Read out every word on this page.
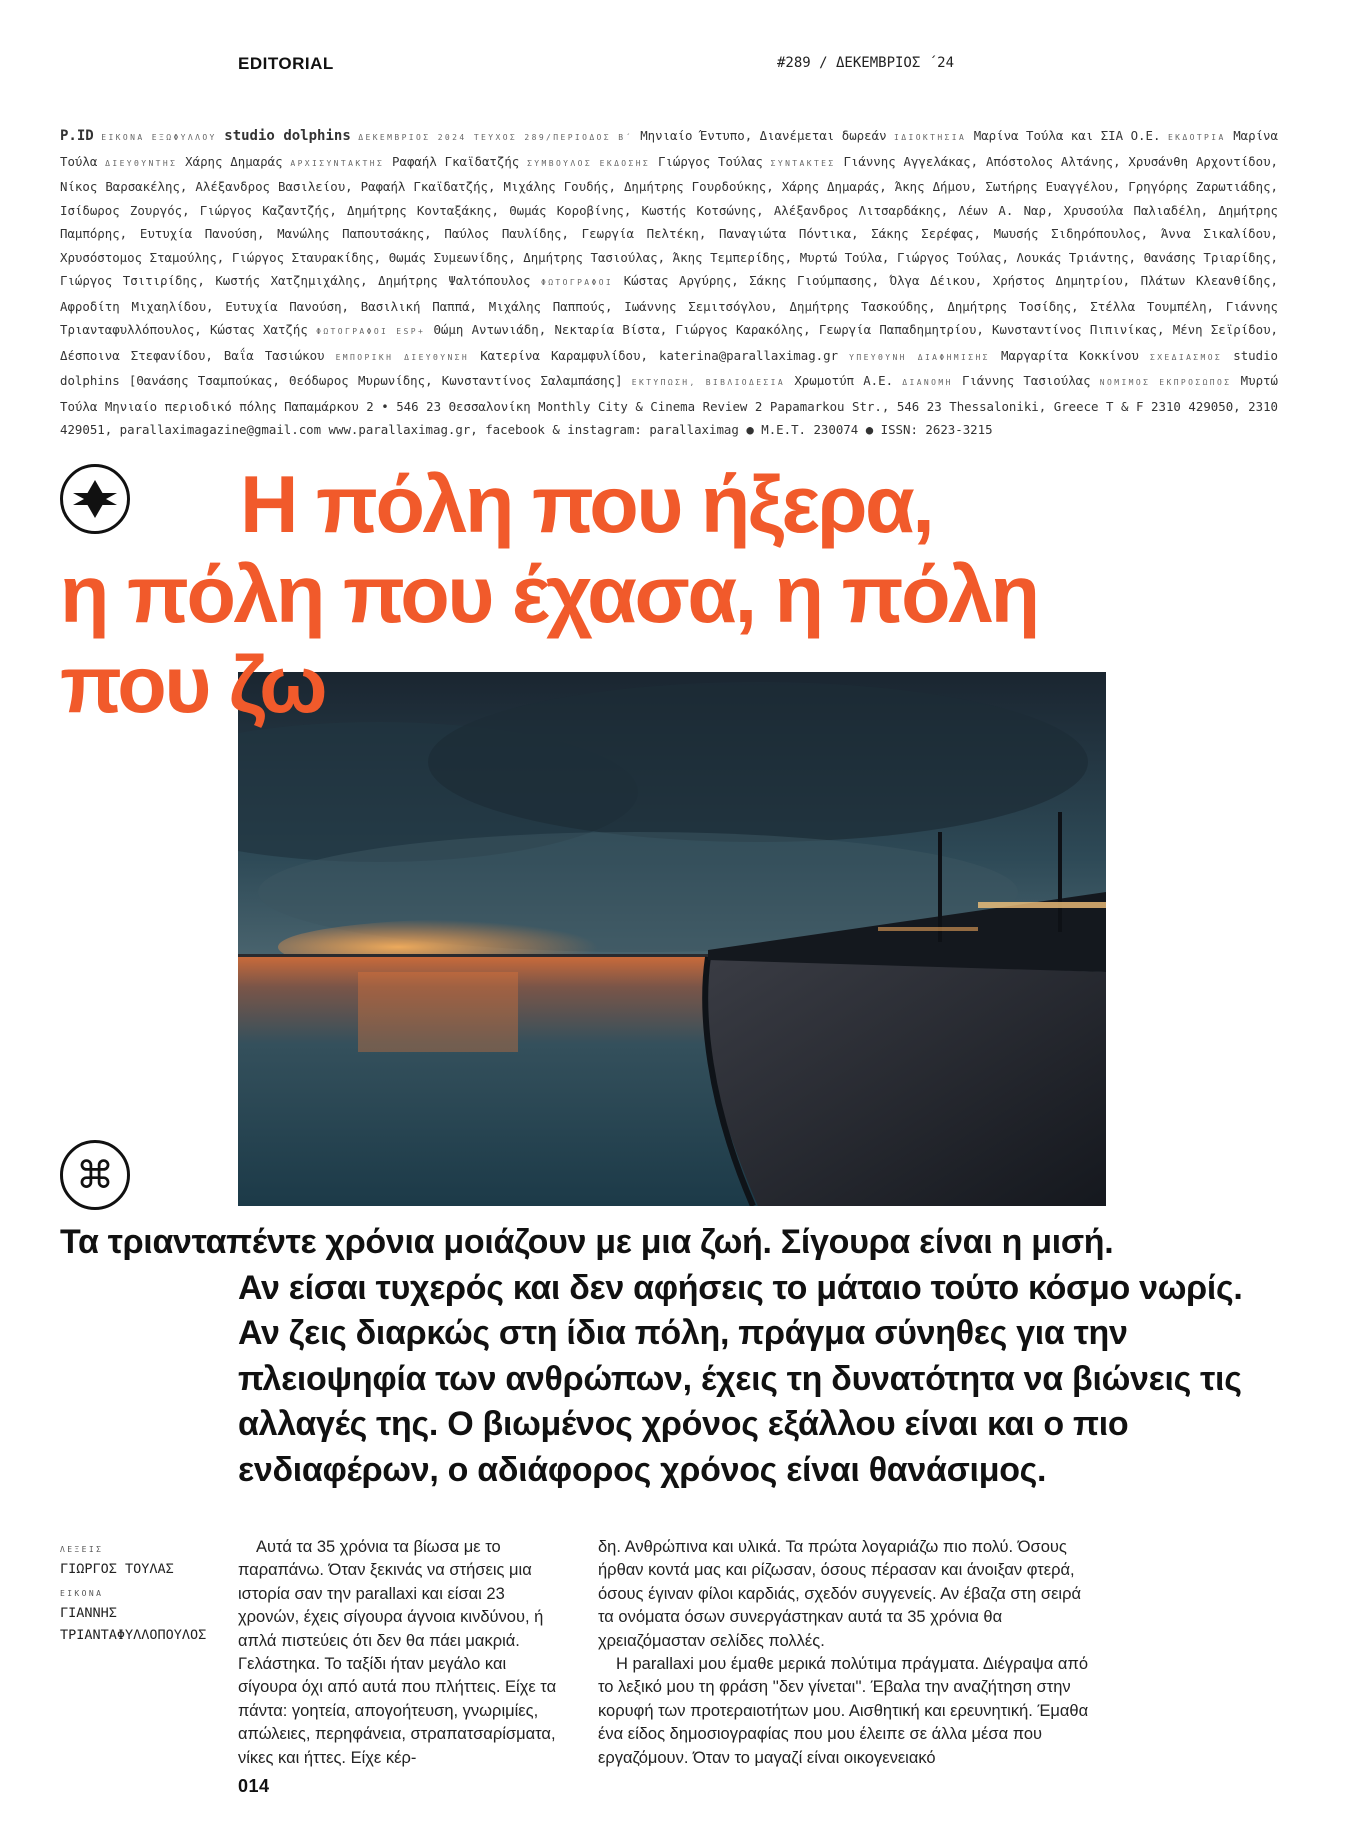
EDITORIAL	#289 / ΔΕΚΕΜΒΡΙΟΣ ΄24

P.ID ΕΙΚΟΝΑ ΕΞΩΦΥΛΛΟΥ studio dolphins ΔΕΚΕΜΒΡΙΟΣ 2024 ΤΕΥΧΟΣ 289/ΠΕΡΙΟΔΟΣ Β΄ Μηνιαίο Έντυπο, Διανέμεται δωρεάν ΙΔΙΟΚΤΗΣΙΑ Μαρίνα Τούλα και ΣΙΑ Ο.Ε. ΕΚΔΟΤΡΙΑ Μαρίνα Τούλα ΔΙΕΥΘΥΝΤΗΣ Χάρης Δημαράς ΑΡΧΙΣΥΝΤΑΚΤΗΣ Ραφαήλ Γκαϊδατζής ΣΥΜΒΟΥΛΟΣ ΕΚΔΟΣΗΣ Γιώργος Τούλας ΣΥΝΤΑΚΤΕΣ Γιάννης Αγγελάκας, Απόστολος Αλτάνης, Χρυσάνθη Αρχοντίδου, Νίκος Βαρσακέλης, Αλέξανδρος Βασιλείου, Ραφαήλ Γκαϊδατζής, Μιχάλης Γουδής, Δημήτρης Γουρδούκης, Χάρης Δημαράς, Άκης Δήμου, Σωτήρης Ευαγγέλου, Γρηγόρης Ζαρωτιάδης, Ισίδωρος Ζουργός, Γιώργος Καζαντζής, Δημήτρης Κονταξάκης, Θωμάς Κοροβίνης, Κωστής Κοτσώνης, Αλέξανδρος Λιτσαρδάκης, Λέων Α. Ναρ, Χρυσούλα Παλιαδέλη, Δημήτρης Παμπόρης, Ευτυχία Πανούση, Μανώλης Παπουτσάκης, Παύλος Παυλίδης, Γεωργία Πελτέκη, Παναγιώτα Πόντικα, Σάκης Σερέφας, Μωυσής Σιδηρόπουλος, Άννα Σικαλίδου, Χρυσόστομος Σταμούλης, Γιώργος Σταυρακίδης, Θωμάς Συμεωνίδης, Δημήτρης Τασιούλας, Άκης Τεμπερίδης, Μυρτώ Τούλα, Γιώργος Τούλας, Λουκάς Τριάντης, Θανάσης Τριαρίδης, Γιώργος Τσιτιρίδης, Κωστής Χατζημιχάλης, Δημήτρης Ψαλτόπουλος ΦΩΤΟΓΡΑΦΟΙ Κώστας Αργύρης, Σάκης Γιούμπασης, Όλγα Δέικου, Χρήστος Δημητρίου, Πλάτων Κλεανθίδης, Αφροδίτη Μιχαηλίδου, Ευτυχία Πανούση, Βασιλική Παππά, Μιχάλης Παππούς, Ιωάννης Σεμιτσόγλου, Δημήτρης Τασκούδης, Δημήτρης Τοσίδης, Στέλλα Τουμπέλη, Γιάννης Τριανταφυλλόπουλος, Κώστας Χατζής ΦΩΤΟΓΡΑΦΟΙ ESP+ Θώμη Αντωνιάδη, Νεκταρία Βίστα, Γιώργος Καρακόλης, Γεωργία Παπαδημητρίου, Κωνσταντίνος Πιπινίκας, Μένη Σεϊρίδου, Δέσποινα Στεφανίδου, Βαΐα Τασιώκου ΕΜΠΟΡΙΚΗ ΔΙΕΥΘΥΝΣΗ Κατερίνα Καραμφυλίδου, katerina@parallaximag.gr ΥΠΕΥΘΥΝΗ ΔΙΑΦΗΜΙΣΗΣ Μαργαρίτα Κοκκίνου ΣΧΕΔΙΑΣΜΟΣ studio dolphins [Θανάσης Τσαμπούκας, Θεόδωρος Μυρωνίδης, Κωνσταντίνος Σαλαμπάσης] ΕΚΤΥΠΩΣΗ, ΒΙΒΛΙΟΔΕΣΙΑ Χρωμοτύπ Α.Ε. ΔΙΑΝΟΜΗ Γιάννης Τασιούλας ΝΟΜΙΜΟΣ ΕΚΠΡΟΣΩΠΟΣ Μυρτώ Τούλα Μηνιαίο περιοδικό πόλης Παπαμάρκου 2 • 546 23 Θεσσαλονίκη Monthly City & Cinema Review 2 Papamarkou Str., 546 23 Thessaloniki, Greece T & F 2310 429050, 2310 429051, parallaximagazine@gmail.com www.parallaximag.gr, facebook & instagram: parallaximag ● Μ.Ε.Τ. 230074 ● ISSN: 2623-3215

Η πόλη που ήξερα,
η πόλη που έχασα, η πόλη
που ζω
⌘

Τα τριανταπέντε χρόνια μοιάζουν με μια ζωή. Σίγουρα είναι η μισή.
Αν είσαι τυχερός και δεν αφήσεις το μάταιο τούτο κόσμο νωρίς. Αν ζεις διαρκώς στη ίδια πόλη, πράγμα σύνηθες για την πλειοψηφία των ανθρώπων, έχεις τη δυνατότητα να βιώνεις τις αλλαγές της. Ο βιωμένος χρόνος εξάλλου είναι και ο πιο ενδιαφέρων, ο αδιάφορος χρόνος είναι θανάσιμος.

ΛΕΞΕΙΣ
ΓΙΩΡΓΟΣ ΤΟΥΛΑΣ
ΕΙΚΟΝΑ
ΓΙΑΝΝΗΣ ΤΡΙΑΝΤΑΦΥΛΛΟΠΟΥΛΟΣ

Αυτά τα 35 χρόνια τα βίωσα με το παραπάνω. Όταν ξεκινάς να στήσεις μια ιστορία σαν την parallaxi και είσαι 23 χρονών, έχεις σίγουρα άγνοια κινδύνου, ή απλά πιστεύεις ότι δεν θα πάει μακριά. Γελάστηκα. Το ταξίδι ήταν μεγάλο και σίγουρα όχι από αυτά που πλήττεις. Είχε τα πάντα: γοητεία, απογοήτευση, γνωριμίες, απώλειες, περηφάνεια, στραπατσαρίσματα, νίκες και ήττες. Είχε κέρ-

δη. Ανθρώπινα και υλικά. Τα πρώτα λογαριάζω πιο πολύ. Όσους ήρθαν κοντά μας και ρίζωσαν, όσους πέρασαν και άνοιξαν φτερά, όσους έγιναν φίλοι καρδιάς, σχεδόν συγγενείς. Αν έβαζα στη σειρά τα ονόματα όσων συνεργάστηκαν αυτά τα 35 χρόνια θα χρειαζόμασταν σελίδες πολλές.

Η parallaxi μου έμαθε μερικά πολύτιμα πράγματα. Διέγραψα από το λεξικό μου τη φράση ''δεν γίνεται''. Έβαλα την αναζήτηση στην κορυφή των προτεραιοτήτων μου. Αισθητική και ερευνητική. Έμαθα ένα είδος δημοσιογραφίας που μου έλειπε σε άλλα μέσα που εργαζόμουν. Όταν το μαγαζί είναι οικογενειακό

014
